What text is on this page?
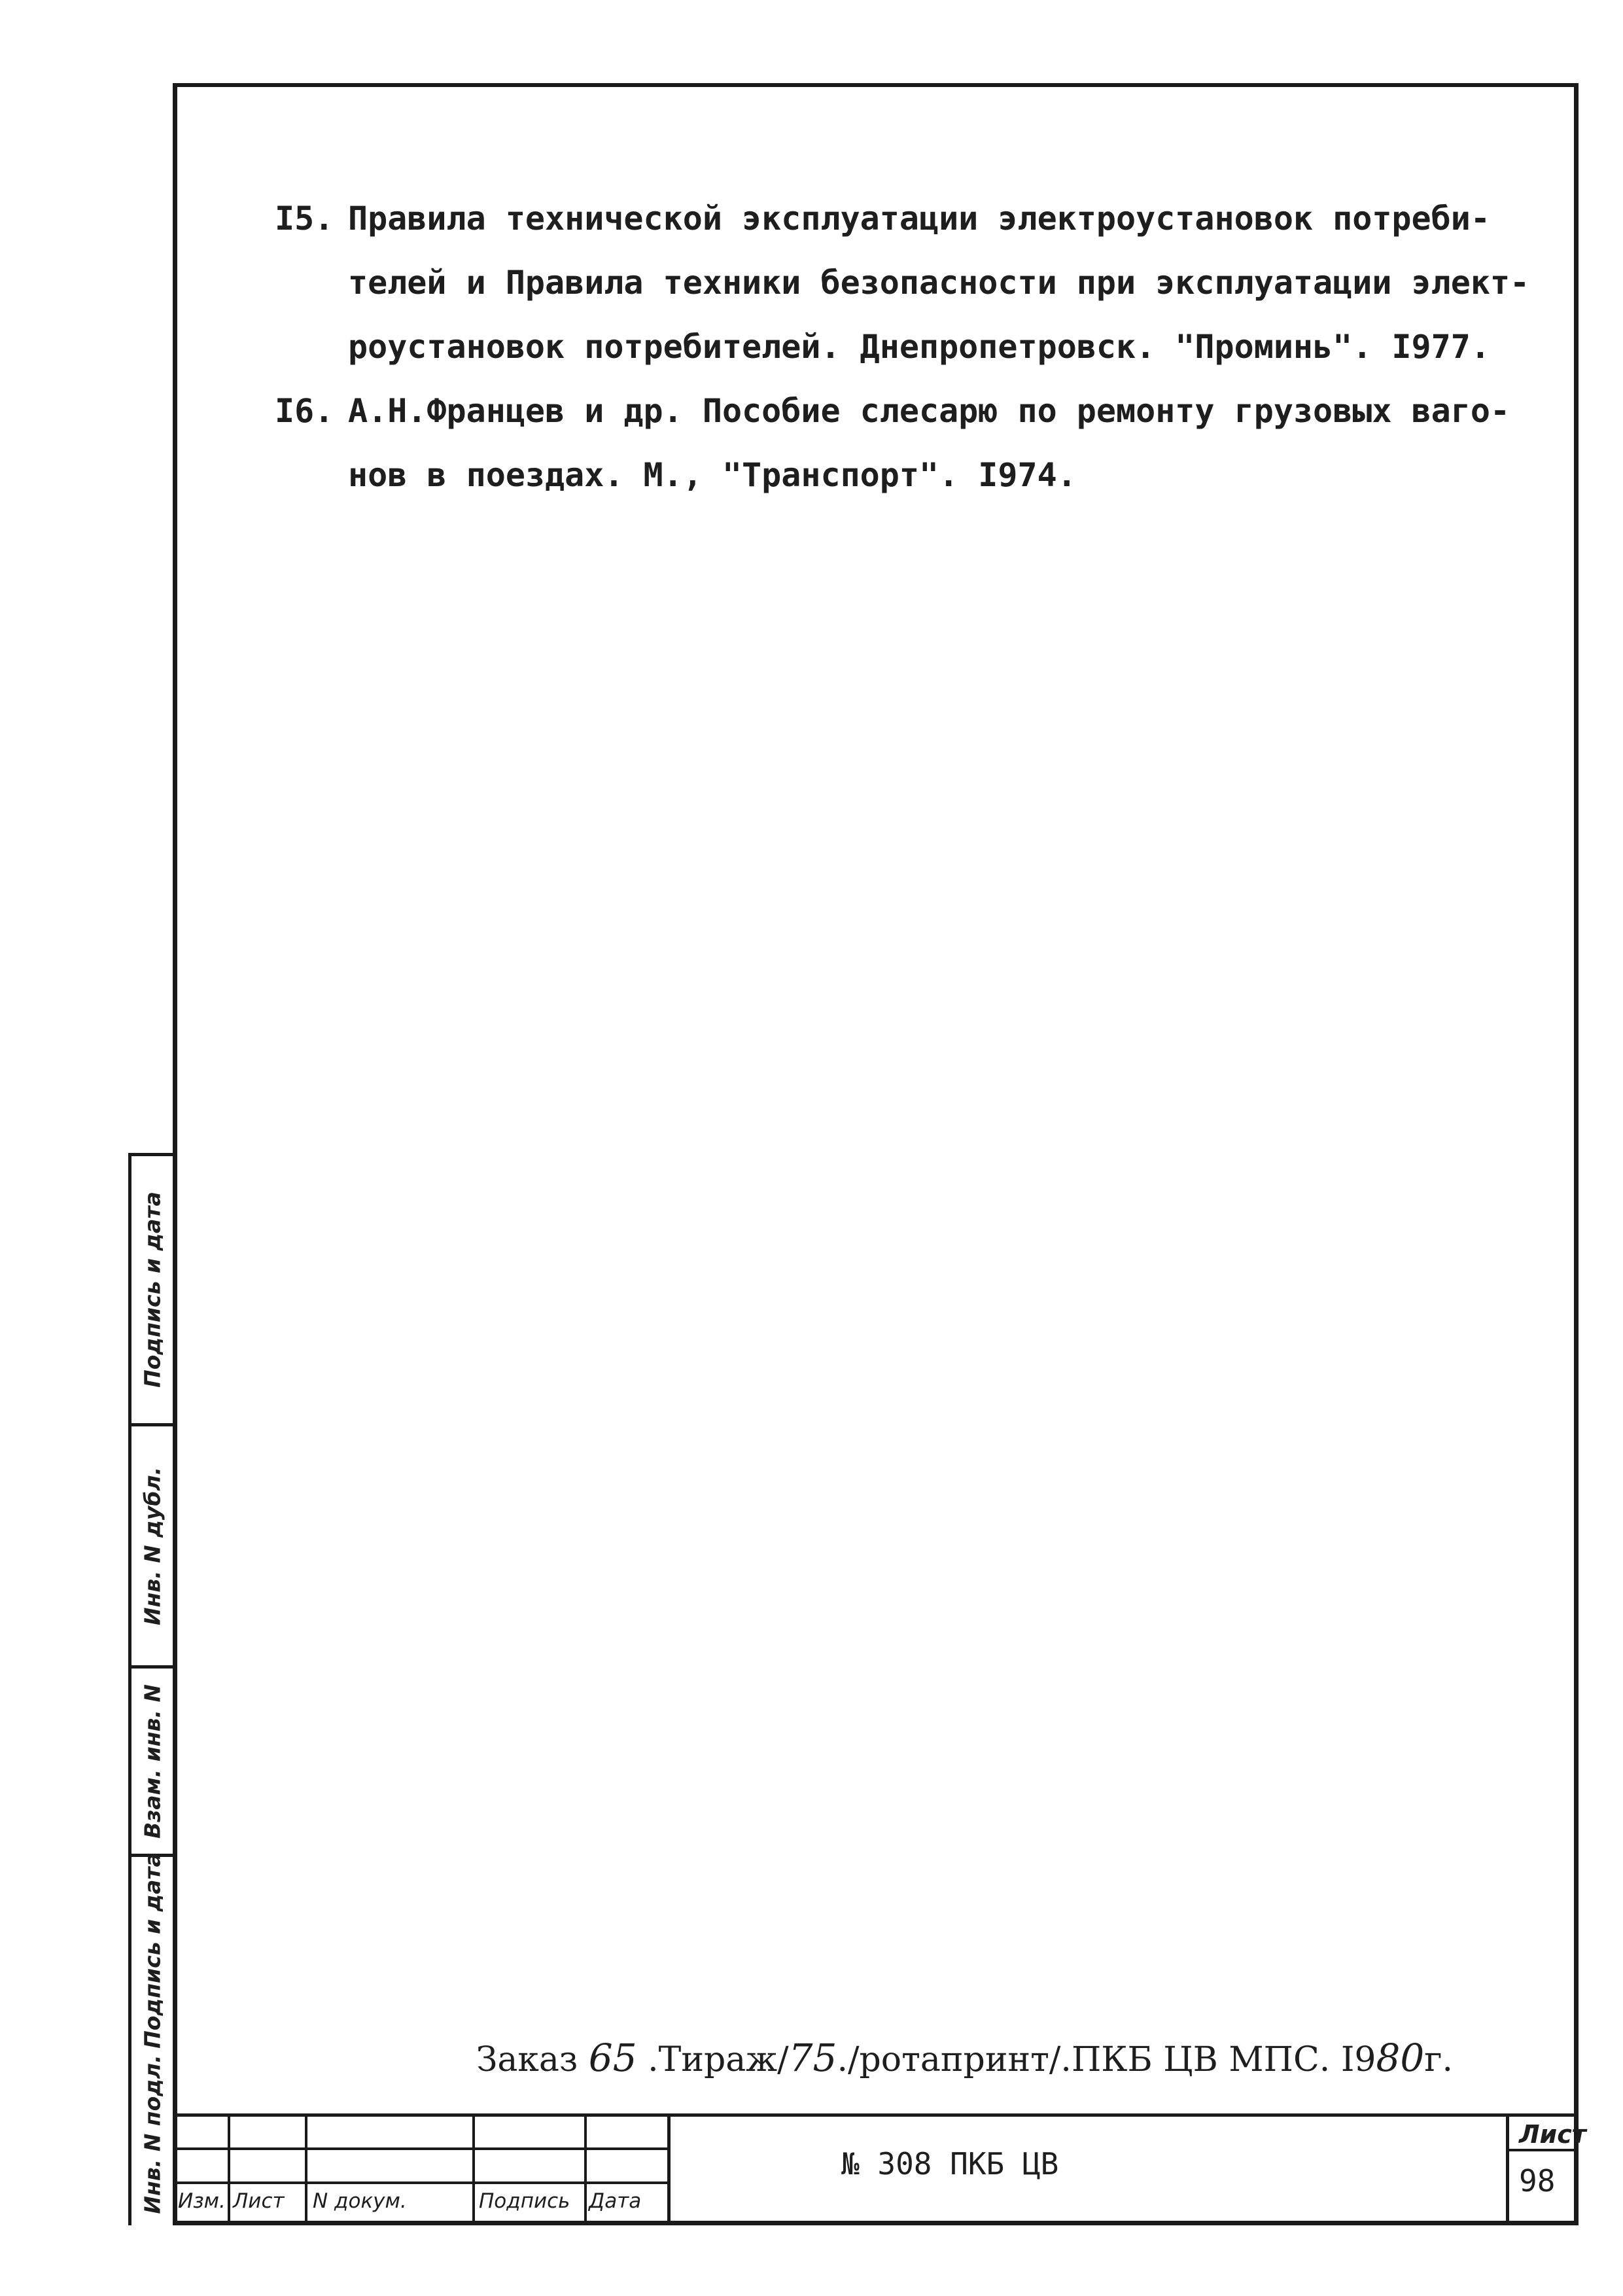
I5. Правила технической эксплуатации электроустановок потреби-
телей и Правила техники безопасности при эксплуатации элект-
роустановок потребителей. Днепропетровск. "Проминь". I977.
I6. А.Н.Францев и др. Пособие слесарю по ремонту грузовых ваго-
нов в поездах. М., "Транспорт". I974.
Заказ 65 .Тираж/75./ротапринт/.ПКБ ЦВ МПС. I980г.
Инв. N подл.
Подпись и дата
Взам. инв. N
Инв. N дубл.
Подпись и дата
Изм. Лист N докум.	Подпись Дата
№ 308 ПКБ ЦВ
Лист
98
